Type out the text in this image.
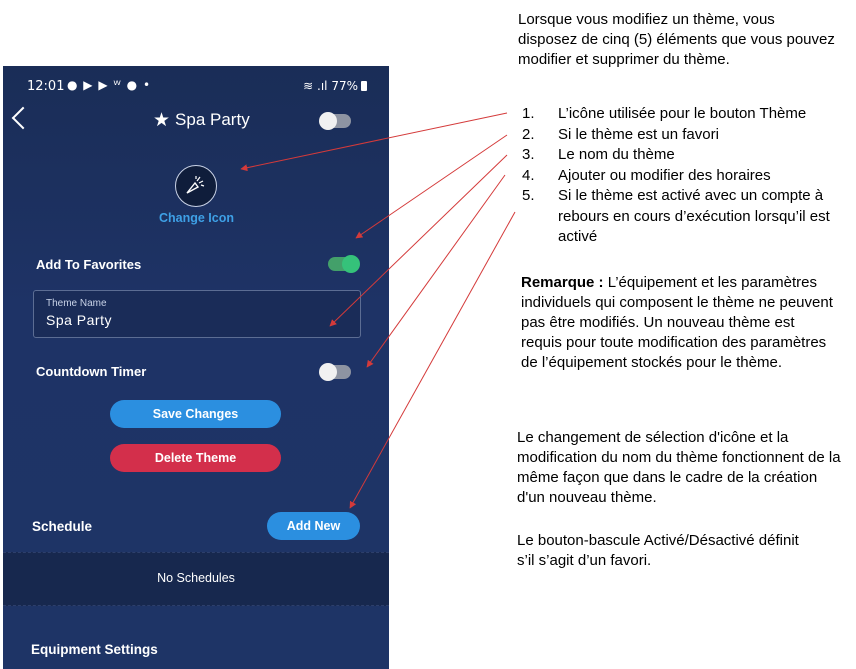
12:01 ● ▶ ▶ ᵂ ● •	≋ .ıl 77%
★ Spa Party
Change Icon
Add To Favorites
Theme Name
Spa Party
Countdown Timer
Save Changes
Delete Theme
Schedule	Add New
No Schedules
Equipment Settings
Lorsque vous modifiez un thème, vous disposez de cinq (5) éléments que vous pouvez modifier et supprimer du thème.
1. L’icône utilisée pour le bouton Thème
2. Si le thème est un favori
3. Le nom du thème
4. Ajouter ou modifier des horaires
5. Si le thème est activé avec un compte à rebours en cours d’exécution lorsqu’il est activé
Remarque : L’équipement et les paramètres individuels qui composent le thème ne peuvent pas être modifiés. Un nouveau thème est requis pour toute modification des paramètres de l’équipement stockés pour le thème.
Le changement de sélection d'icône et la modification du nom du thème fonctionnent de la même façon que dans le cadre de la création d'un nouveau thème.
Le bouton-bascule Activé/Désactivé définit s’il s’agit d’un favori.
